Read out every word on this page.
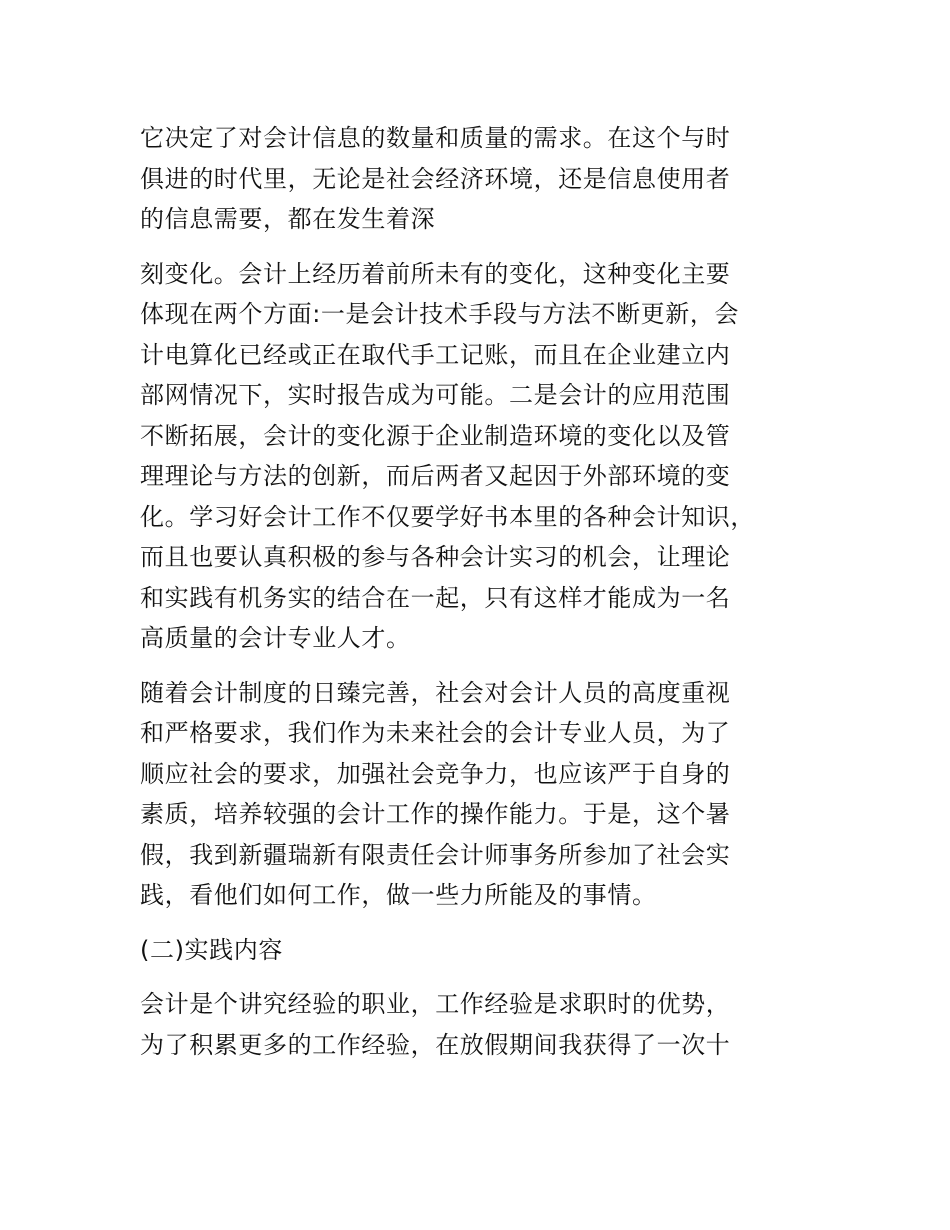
它决定了对会计信息的数量和质量的需求。在这个与时
俱进的时代里，无论是社会经济环境，还是信息使用者
的信息需要，都在发生着深

刻变化。会计上经历着前所未有的变化，这种变化主要
体现在两个方面:一是会计技术手段与方法不断更新，会
计电算化已经或正在取代手工记账，而且在企业建立内
部网情况下，实时报告成为可能。二是会计的应用范围
不断拓展，会计的变化源于企业制造环境的变化以及管
理理论与方法的创新，而后两者又起因于外部环境的变
化。学习好会计工作不仅要学好书本里的各种会计知识，
而且也要认真积极的参与各种会计实习的机会，让理论
和实践有机务实的结合在一起，只有这样才能成为一名
高质量的会计专业人才。

随着会计制度的日臻完善，社会对会计人员的高度重视
和严格要求，我们作为未来社会的会计专业人员，为了
顺应社会的要求，加强社会竞争力，也应该严于自身的
素质，培养较强的会计工作的操作能力。于是，这个暑
假，我到新疆瑞新有限责任会计师事务所参加了社会实
践，看他们如何工作，做一些力所能及的事情。

(二)实践内容

会计是个讲究经验的职业，工作经验是求职时的优势，
为了积累更多的工作经验，在放假期间我获得了一次十
